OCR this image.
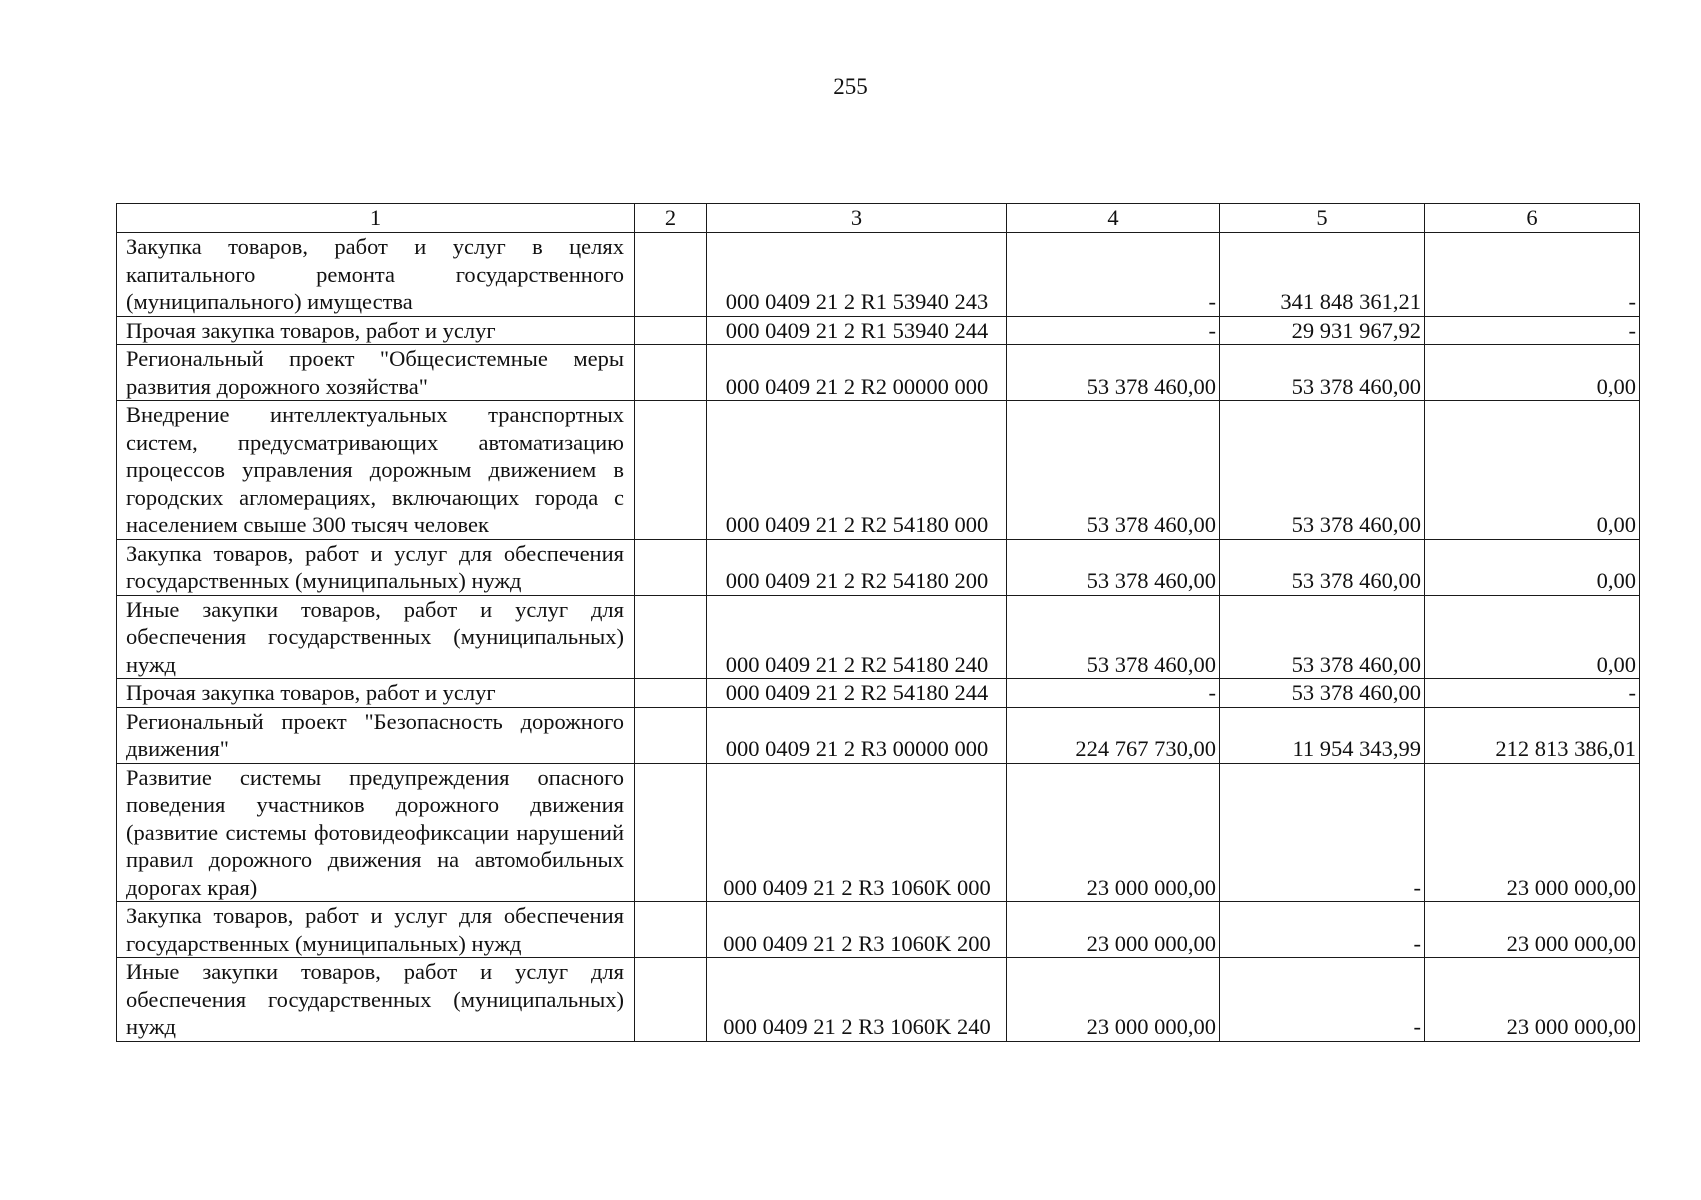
255
1	2	3	4	5	6
Закупка товаров, работ и услуг в целях капитального ремонта государственного (муниципального) имущества		000 0409 21 2 R1 53940 243	-	341 848 361,21	-
Прочая закупка товаров, работ и услуг		000 0409 21 2 R1 53940 244	-	29 931 967,92	-
Региональный проект "Общесистемные меры развития дорожного хозяйства"		000 0409 21 2 R2 00000 000	53 378 460,00	53 378 460,00	0,00
Внедрение интеллектуальных транспортных систем, предусматривающих автоматизацию процессов управления дорожным движением в городских агломерациях, включающих города с населением свыше 300 тысяч человек		000 0409 21 2 R2 54180 000	53 378 460,00	53 378 460,00	0,00
Закупка товаров, работ и услуг для обеспечения государственных (муниципальных) нужд		000 0409 21 2 R2 54180 200	53 378 460,00	53 378 460,00	0,00
Иные закупки товаров, работ и услуг для обеспечения государственных (муниципальных) нужд		000 0409 21 2 R2 54180 240	53 378 460,00	53 378 460,00	0,00
Прочая закупка товаров, работ и услуг		000 0409 21 2 R2 54180 244	-	53 378 460,00	-
Региональный проект "Безопасность дорожного движения"		000 0409 21 2 R3 00000 000	224 767 730,00	11 954 343,99	212 813 386,01
Развитие системы предупреждения опасного поведения участников дорожного движения (развитие системы фотовидеофиксации нарушений правил дорожного движения на автомобильных дорогах края)		000 0409 21 2 R3 1060K 000	23 000 000,00	-	23 000 000,00
Закупка товаров, работ и услуг для обеспечения государственных (муниципальных) нужд		000 0409 21 2 R3 1060K 200	23 000 000,00	-	23 000 000,00
Иные закупки товаров, работ и услуг для обеспечения государственных (муниципальных) нужд		000 0409 21 2 R3 1060K 240	23 000 000,00	-	23 000 000,00
